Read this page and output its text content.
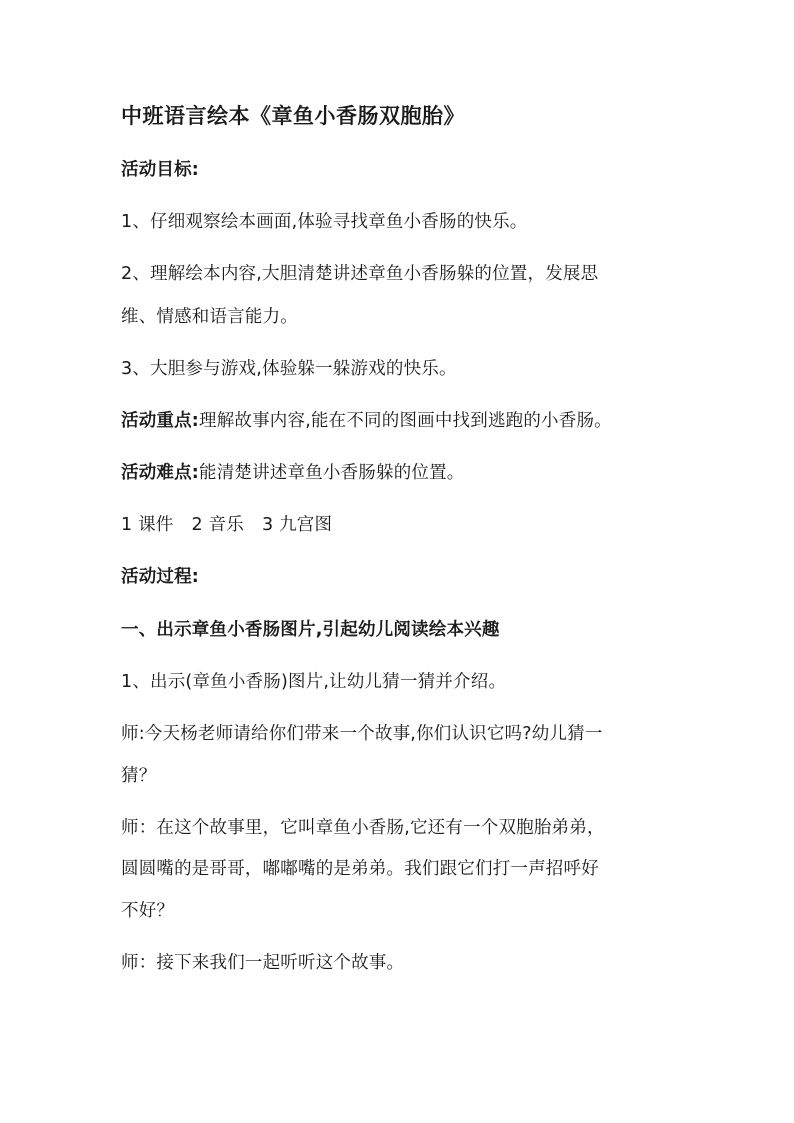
中班语言绘本《章鱼小香肠双胞胎》
活动目标:
1、仔细观察绘本画面,体验寻找章鱼小香肠的快乐。
2、理解绘本内容,大胆清楚讲述章鱼小香肠躲的位置，发展思
维、情感和语言能力。
3、大胆参与游戏,体验躲一躲游戏的快乐。
活动重点:理解故事内容,能在不同的图画中找到逃跑的小香肠。
活动难点:能清楚讲述章鱼小香肠躲的位置。
1 课件 2 音乐 3 九宫图
活动过程:
一、出示章鱼小香肠图片,引起幼儿阅读绘本兴趣
1、出示(章鱼小香肠)图片,让幼儿猜一猜并介绍。
师:今天杨老师请给你们带来一个故事,你们认识它吗?幼儿猜一
猜？
师：在这个故事里，它叫章鱼小香肠,它还有一个双胞胎弟弟，
圆圆嘴的是哥哥，嘟嘟嘴的是弟弟。我们跟它们打一声招呼好
不好？
师：接下来我们一起听听这个故事。
